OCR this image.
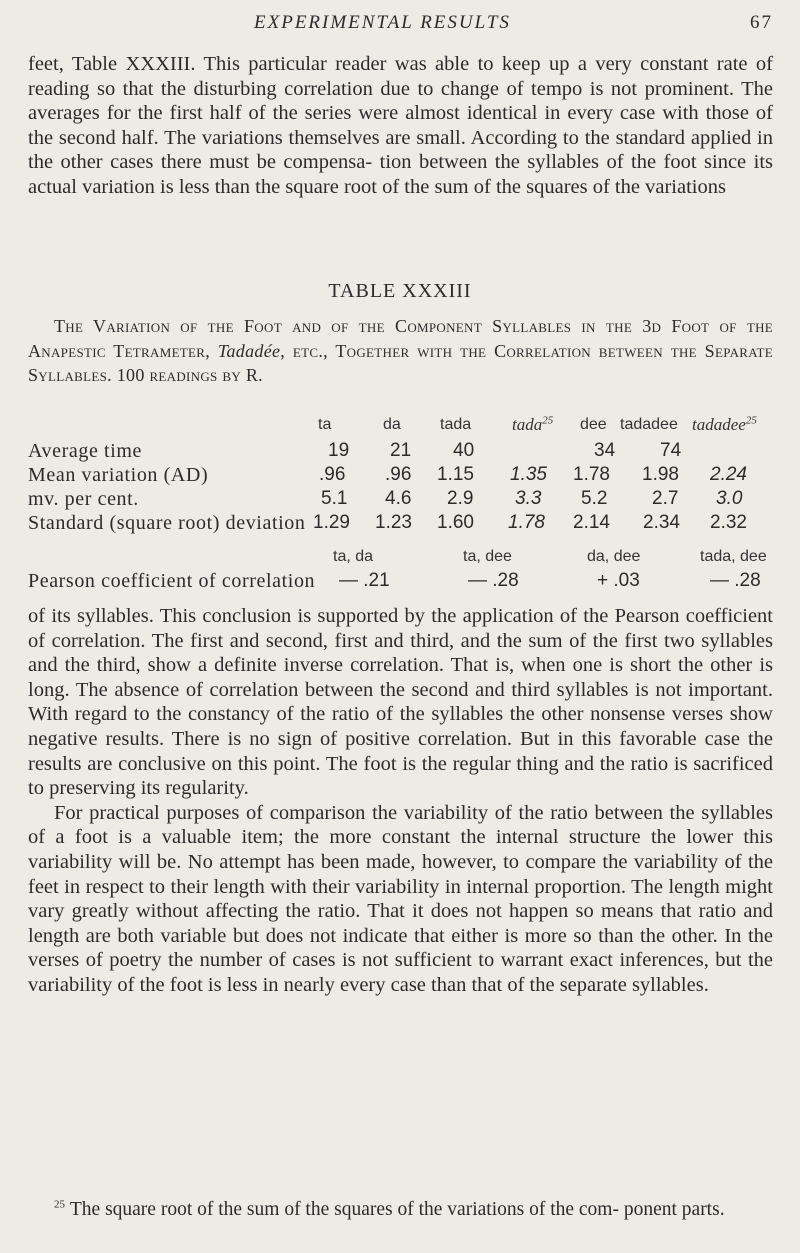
EXPERIMENTAL RESULTS	67

feet, Table XXXIII. This particular reader was able to keep up a very constant rate of reading so that the disturbing correlation due to change of tempo is not prominent. The averages for the first half of the series were almost identical in every case with those of the second half. The variations themselves are small. According to the standard applied in the other cases there must be compensa- tion between the syllables of the foot since its actual variation is less than the square root of the sum of the squares of the variations

TABLE XXXIII
The Variation of the Foot and of the Component Syllables in the 3d Foot of the Anapestic Tetrameter, Tadadée, etc., Together with the Correlation between the Separate Syllables. 100 readings by R.
ta	da tada tada$^{25}$ dee tadadee tadadee$^{25}$
Average time	19 21 40	34 74
Mean variation (AD)	.96 .96 1.15 1.35 1.78 1.98 2.24
mv. per cent.	5.1 4.6 2.9 3.3 5.2 2.7 3.0
Standard (square root) deviation 1.29 1.23 1.60 1.78 2.14 2.34 2.32
ta, da	ta, dee	da, dee	tada, dee
Pearson coefficient of correlation — .21	— .28	+ .03	— .28
of its syllables. This conclusion is supported by the application of the Pearson coefficient of correlation. The first and second, first and third, and the sum of the first two syllables and the third, show a definite inverse correlation. That is, when one is short the other is long. The absence of correlation between the second and third syllables is not important. With regard to the constancy of the ratio of the syllables the other nonsense verses show negative results. There is no sign of positive correlation. But in this favorable case the results are conclusive on this point. The foot is the regular thing and the ratio is sacrificed to preserving its regularity.
For practical purposes of comparison the variability of the ratio between the syllables of a foot is a valuable item; the more constant the internal structure the lower this variability will be. No attempt has been made, however, to compare the variability of the feet in respect to their length with their variability in internal proportion. The length might vary greatly without affecting the ratio. That it does not happen so means that ratio and length are both variable but does not indicate that either is more so than the other. In the verses of poetry the number of cases is not sufficient to warrant exact inferences, but the variability of the foot is less in nearly every case than that of the separate syllables.

$^{25}$ The square root of the sum of the squares of the variations of the com- ponent parts.
